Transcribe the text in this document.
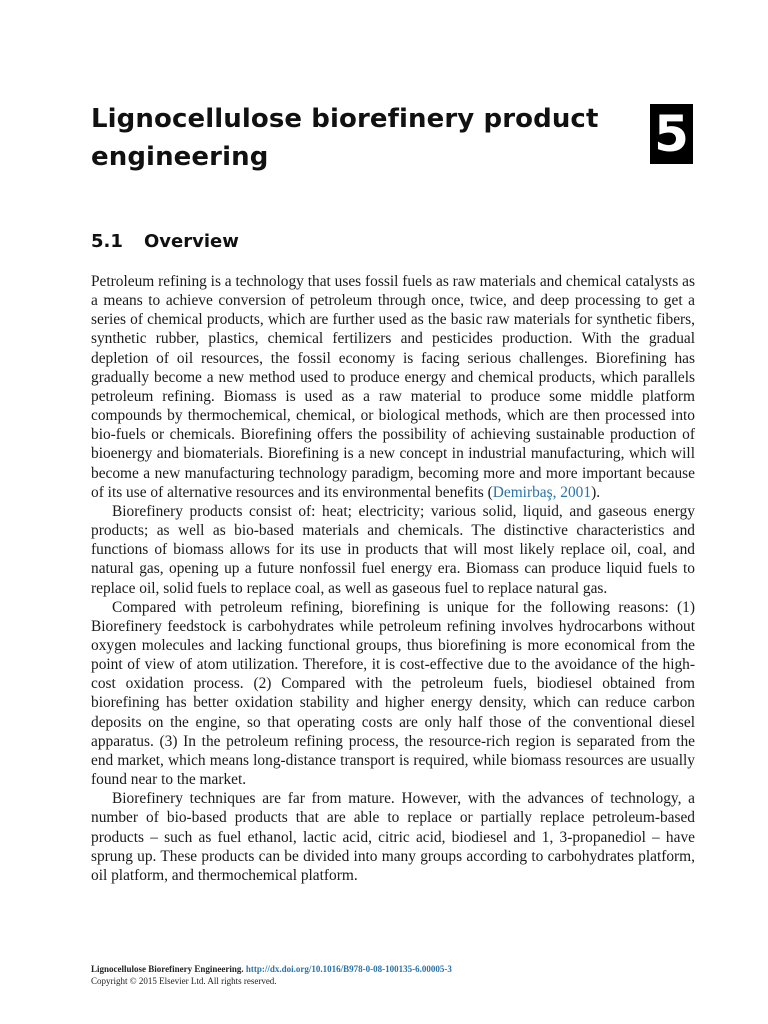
Lignocellulose biorefinery product engineering	5
5.1 Overview

Petroleum refining is a technology that uses fossil fuels as raw materials and chemical catalysts as a means to achieve conversion of petroleum through once, twice, and deep processing to get a series of chemical products, which are further used as the basic raw materials for synthetic fibers, synthetic rubber, plastics, chemical fertilizers and pesticides production. With the gradual depletion of oil resources, the fossil economy is facing serious challenges. Biorefining has gradually become a new method used to produce energy and chemical products, which parallels petroleum refining. Biomass is used as a raw material to produce some middle platform compounds by thermochemical, chemical, or biological methods, which are then processed into bio-fuels or chemicals. Biorefining offers the possibility of achieving sustainable production of bioenergy and biomaterials. Biorefining is a new concept in industrial manufacturing, which will become a new manufacturing technology paradigm, becoming more and more important because of its use of alternative resources and its environmental benefits (Demirbaş, 2001).

Biorefinery products consist of: heat; electricity; various solid, liquid, and gaseous energy products; as well as bio-based materials and chemicals. The distinctive characteristics and functions of biomass allows for its use in products that will most likely replace oil, coal, and natural gas, opening up a future nonfossil fuel energy era. Biomass can produce liquid fuels to replace oil, solid fuels to replace coal, as well as gaseous fuel to replace natural gas.

Compared with petroleum refining, biorefining is unique for the following reasons: (1) Biorefinery feedstock is carbohydrates while petroleum refining involves hydrocarbons without oxygen molecules and lacking functional groups, thus biorefining is more economical from the point of view of atom utilization. Therefore, it is cost-effective due to the avoidance of the high-cost oxidation process. (2) Compared with the petroleum fuels, biodiesel obtained from biorefining has better oxidation stability and higher energy density, which can reduce carbon deposits on the engine, so that operating costs are only half those of the conventional diesel apparatus. (3) In the petroleum refining process, the resource-rich region is separated from the end market, which means long-distance transport is required, while biomass resources are usually found near to the market.

Biorefinery techniques are far from mature. However, with the advances of technology, a number of bio-based products that are able to replace or partially replace petroleum-based products – such as fuel ethanol, lactic acid, citric acid, biodiesel and 1, 3-propanediol – have sprung up. These products can be divided into many groups according to carbohydrates platform, oil platform, and thermochemical platform.

Lignocellulose Biorefinery Engineering. http://dx.doi.org/10.1016/B978-0-08-100135-6.00005-3
Copyright © 2015 Elsevier Ltd. All rights reserved.
